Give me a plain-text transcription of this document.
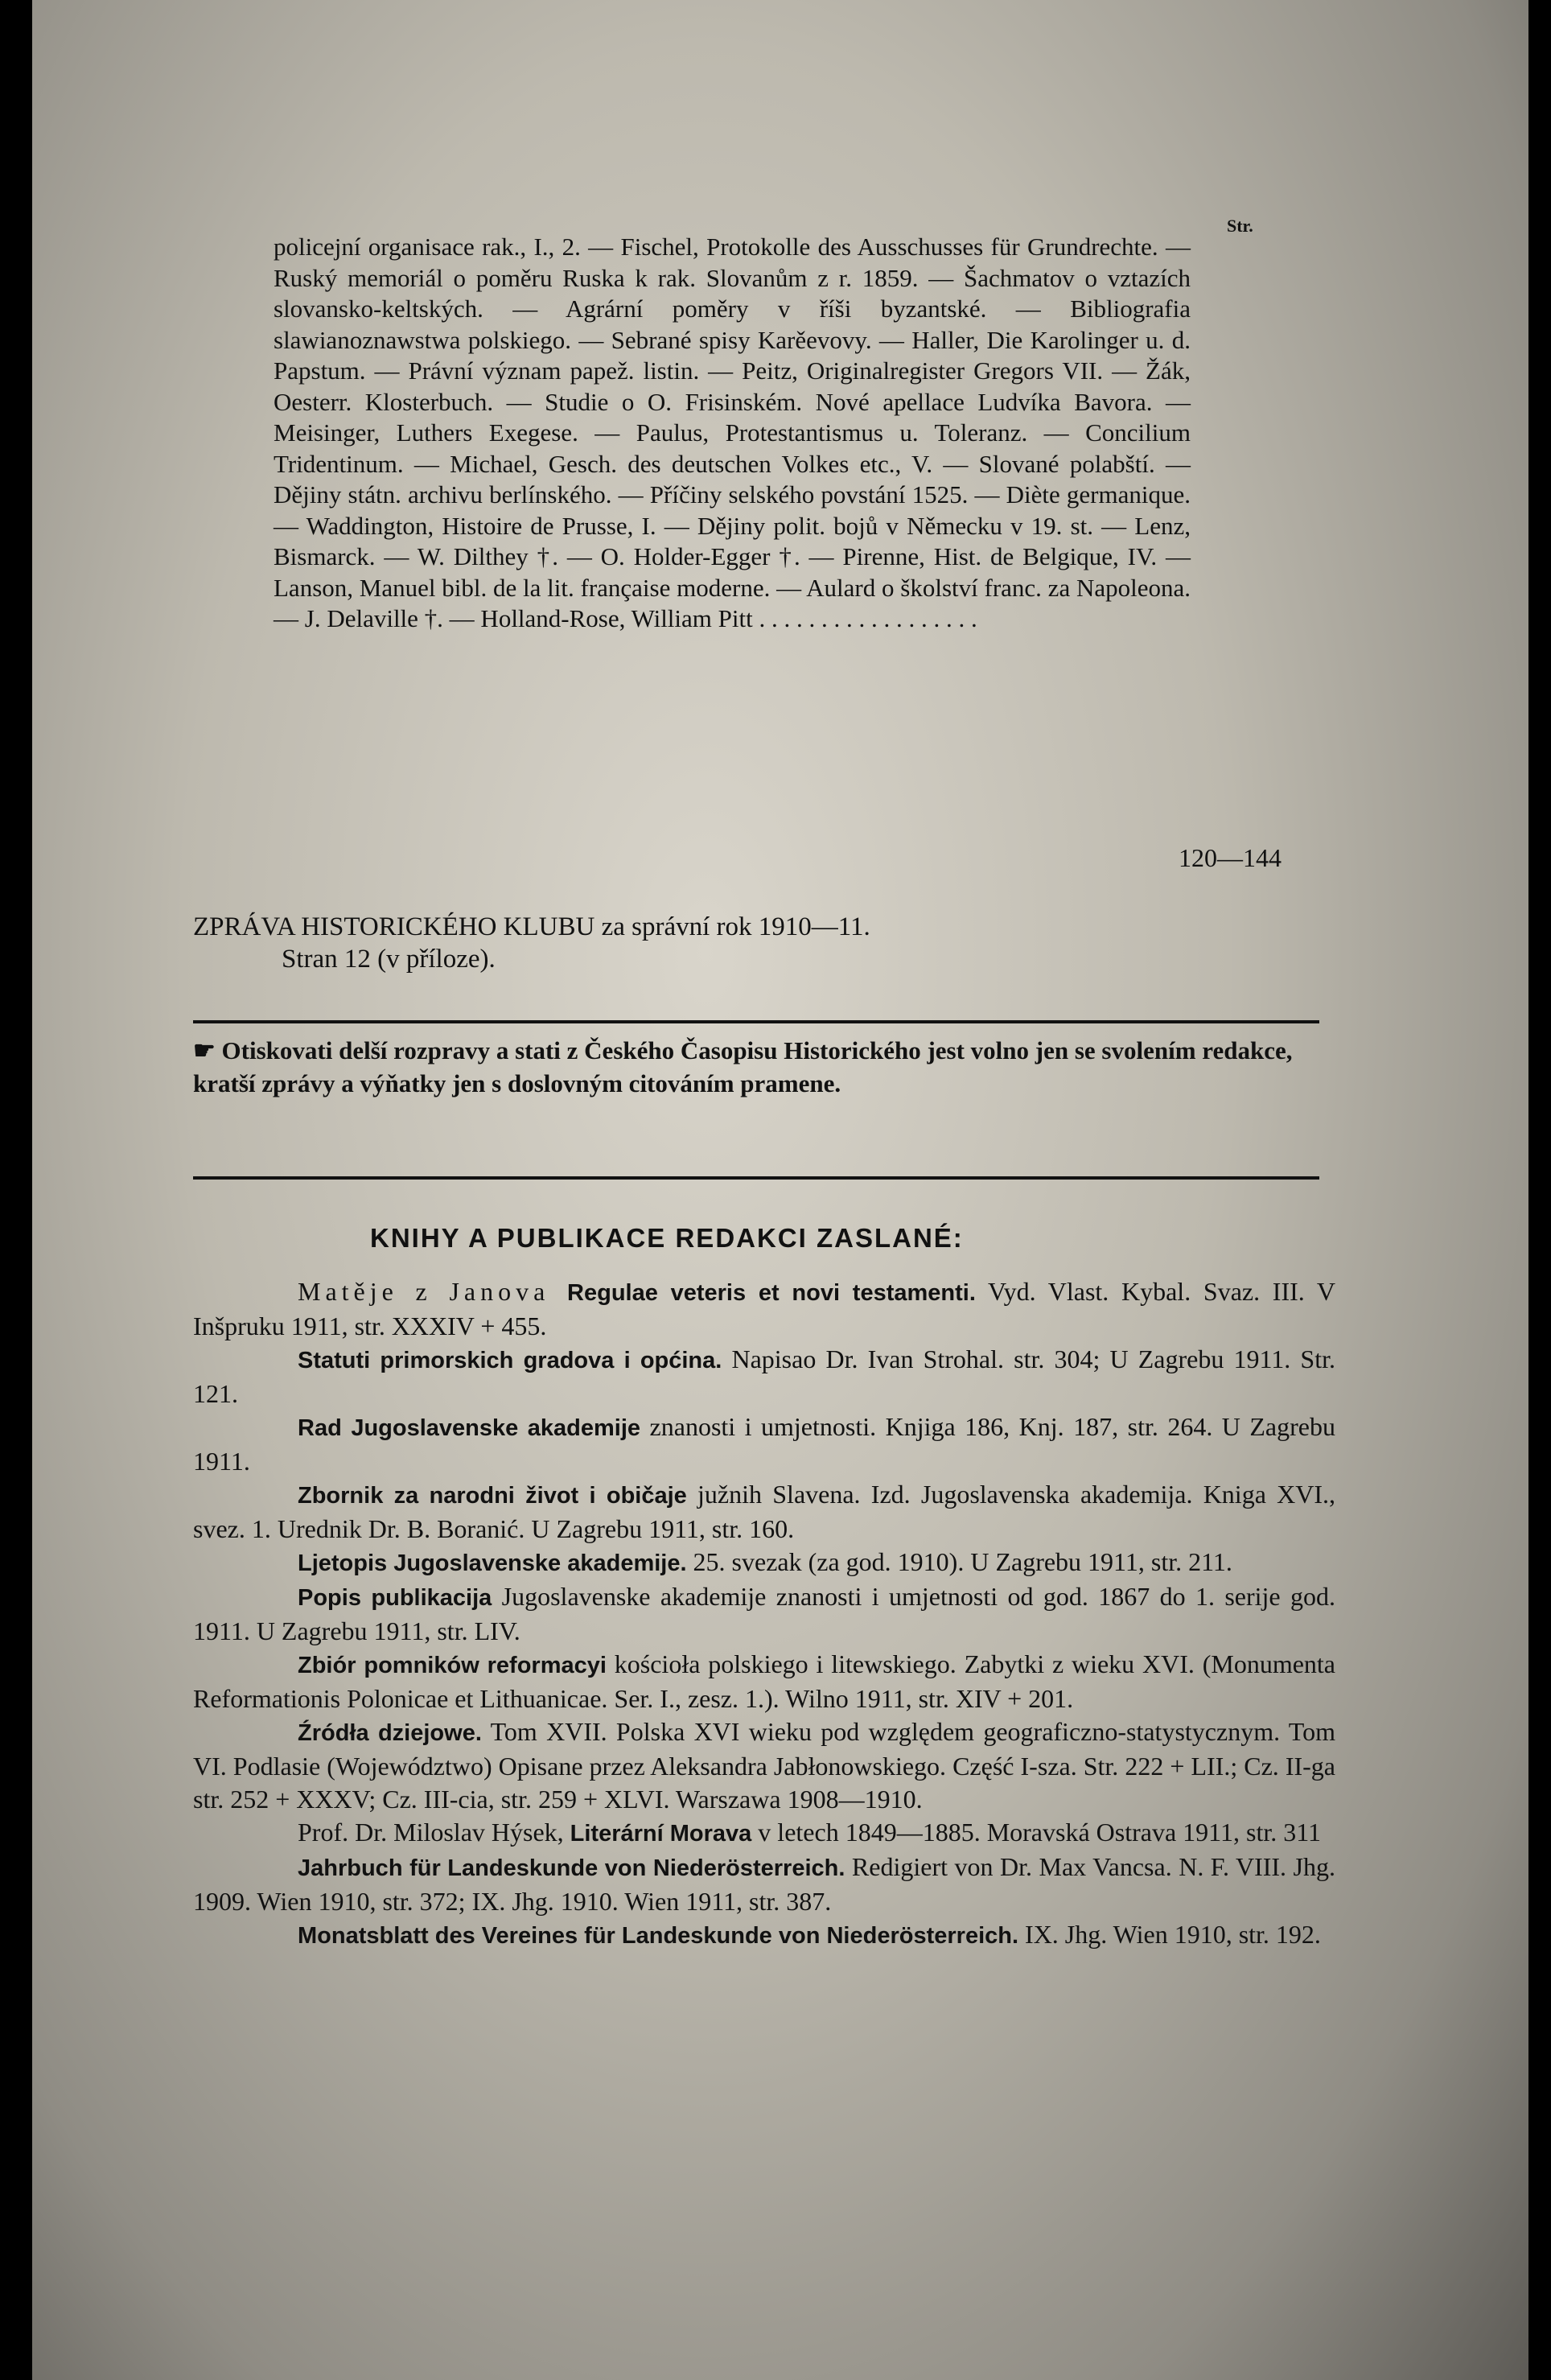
Str.

policejní organisace rak., I., 2. — Fischel, Protokolle des Ausschusses für Grundrechte. — Ruský memoriál o poměru Ruska k rak. Slovanům z r. 1859. — Šachmatov o vztazích slovansko-keltských. — Agrární poměry v říši byzantské. — Bibliografia slawianoznawstwa polskiego. — Sebrané spisy Karěevovy. — Haller, Die Karolinger u. d. Papstum. — Právní význam papež. listin. — Peitz, Originalregister Gregors VII. — Žák, Oesterr. Klosterbuch. — Studie o O. Frisinském. Nové apellace Ludvíka Bavora. — Meisinger, Luthers Exegese. — Paulus, Protestantismus u. Toleranz. — Concilium Tridentinum. — Michael, Gesch. des deutschen Volkes etc., V. — Slované polabští. — Dějiny státn. archivu berlínského. — Příčiny selského povstání 1525. — Diète germanique. — Waddington, Histoire de Prusse, I. — Dějiny polit. bojů v Německu v 19. st. — Lenz, Bismarck. — W. Dilthey †. — O. Holder-Egger †. — Pirenne, Hist. de Belgique, IV. — Lanson, Manuel bibl. de la lit. française moderne. — Aulard o školství franc. za Napoleona. — J. Delaville †. — Holland-Rose, William Pitt . . . . . . . . . . . . . . . . . .

120—144
ZPRÁVA HISTORICKÉHO KLUBU za správní rok 1910—11.
Stran 12 (v příloze).
☛ Otiskovati delší rozpravy a stati z Českého Časopisu Historického jest volno jen se svolením redakce, kratší zprávy a výňatky jen s doslovným citováním pramene.
KNIHY A PUBLIKACE REDAKCI ZASLANÉ:

Matěje z Janova Regulae veteris et novi testamenti. Vyd. Vlast. Kybal. Svaz. III. V Inšpruku 1911, str. XXXIV + 455.

Statuti primorskich gradova i općina. Napisao Dr. Ivan Strohal. str. 304; U Zagrebu 1911. Str. 121.

Rad Jugoslavenske akademije znanosti i umjetnosti. Knjiga 186, Knj. 187, str. 264. U Zagrebu 1911.

Zbornik za narodni život i običaje južnih Slavena. Izd. Jugoslavenska akademija. Kniga XVI., svez. 1. Urednik Dr. B. Boranić. U Zagrebu 1911, str. 160.

Ljetopis Jugoslavenske akademije. 25. svezak (za god. 1910). U Zagrebu 1911, str. 211.

Popis publikacija Jugoslavenske akademije znanosti i umjetnosti od god. 1867 do 1. serije god. 1911. U Zagrebu 1911, str. LIV.

Zbiór pomników reformacyi kościoła polskiego i litewskiego. Zabytki z wieku XVI. (Monumenta Reformationis Polonicae et Lithuanicae. Ser. I., zesz. 1.). Wilno 1911, str. XIV + 201.

Źródła dziejowe. Tom XVII. Polska XVI wieku pod względem geograficzno-statystycznym. Tom VI. Podlasie (Województwo) Opisane przez Aleksandra Jabłonowskiego. Część I-sza. Str. 222 + LII.; Cz. II-ga str. 252 + XXXV; Cz. III-cia, str. 259 + XLVI. Warszawa 1908—1910.

Prof. Dr. Miloslav Hýsek, Literární Morava v letech 1849—1885. Moravská Ostrava 1911, str. 311

Jahrbuch für Landeskunde von Niederösterreich. Redigiert von Dr. Max Vancsa. N. F. VIII. Jhg. 1909. Wien 1910, str. 372; IX. Jhg. 1910. Wien 1911, str. 387.

Monatsblatt des Vereines für Landeskunde von Niederösterreich. IX. Jhg. Wien 1910, str. 192.
